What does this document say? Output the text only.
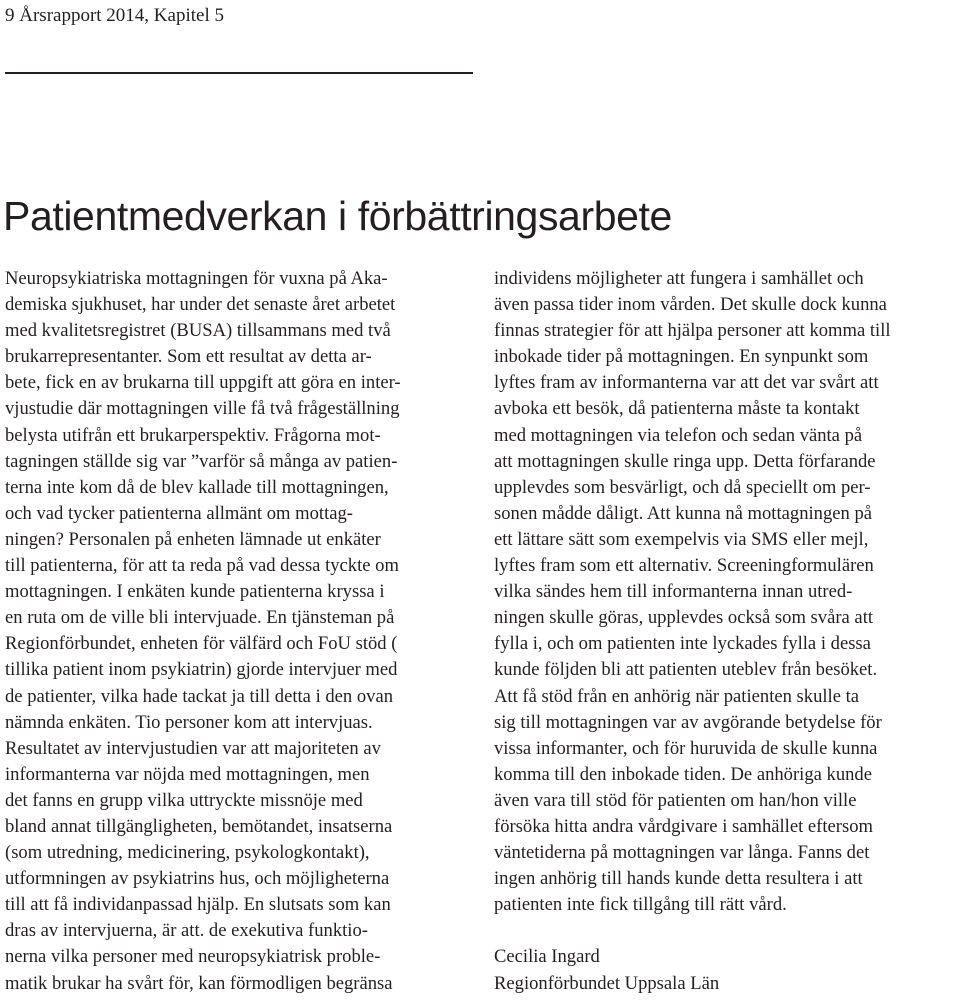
9 Årsrapport 2014, Kapitel 5
Patientmedverkan i förbättringsarbete
Neuropsykiatriska mottagningen för vuxna på Aka-
demiska sjukhuset, har under det senaste året arbetet
med kvalitetsregistret (BUSA) tillsammans med två
brukarrepresentanter. Som ett resultat av detta ar-
bete, fick en av brukarna till uppgift att göra en inter-
vjustudie där mottagningen ville få två frågeställning
belysta utifrån ett brukarperspektiv. Frågorna mot-
tagningen ställde sig var ”varför så många av patien-
terna inte kom då de blev kallade till mottagningen,
och vad tycker patienterna allmänt om mottag-
ningen? Personalen på enheten lämnade ut enkäter
till patienterna, för att ta reda på vad dessa tyckte om
mottagningen. I enkäten kunde patienterna kryssa i
en ruta om de ville bli intervjuade. En tjänsteman på
Regionförbundet, enheten för välfärd och FoU stöd (
tillika patient inom psykiatrin) gjorde intervjuer med
de patienter, vilka hade tackat ja till detta i den ovan
nämnda enkäten. Tio personer kom att intervjuas.
Resultatet av intervjustudien var att majoriteten av
informanterna var nöjda med mottagningen, men
det fanns en grupp vilka uttryckte missnöje med
bland annat tillgängligheten, bemötandet, insatserna
(som utredning, medicinering, psykologkontakt),
utformningen av psykiatrins hus, och möjligheterna
till att få individanpassad hjälp. En slutsats som kan
dras av intervjuerna, är att. de exekutiva funktio-
nerna vilka personer med neuropsykiatrisk proble-
matik brukar ha svårt för, kan förmodligen begränsa
individens möjligheter att fungera i samhället och
även passa tider inom vården. Det skulle dock kunna
finnas strategier för att hjälpa personer att komma till
inbokade tider på mottagningen. En synpunkt som
lyftes fram av informanterna var att det var svårt att
avboka ett besök, då patienterna måste ta kontakt
med mottagningen via telefon och sedan vänta på
att mottagningen skulle ringa upp. Detta förfarande
upplevdes som besvärligt, och då speciellt om per-
sonen mådde dåligt. Att kunna nå mottagningen på
ett lättare sätt som exempelvis via SMS eller mejl,
lyftes fram som ett alternativ. Screeningformulären
vilka sändes hem till informanterna innan utred-
ningen skulle göras, upplevdes också som svåra att
fylla i, och om patienten inte lyckades fylla i dessa
kunde följden bli att patienten uteblev från besöket.
Att få stöd från en anhörig när patienten skulle ta
sig till mottagningen var av avgörande betydelse för
vissa informanter, och för huruvida de skulle kunna
komma till den inbokade tiden. De anhöriga kunde
även vara till stöd för patienten om han/hon ville
försöka hitta andra vårdgivare i samhället eftersom
väntetiderna på mottagningen var långa. Fanns det
ingen anhörig till hands kunde detta resultera i att
patienten inte fick tillgång till rätt vård.
Cecilia Ingard
Regionförbundet Uppsala Län
